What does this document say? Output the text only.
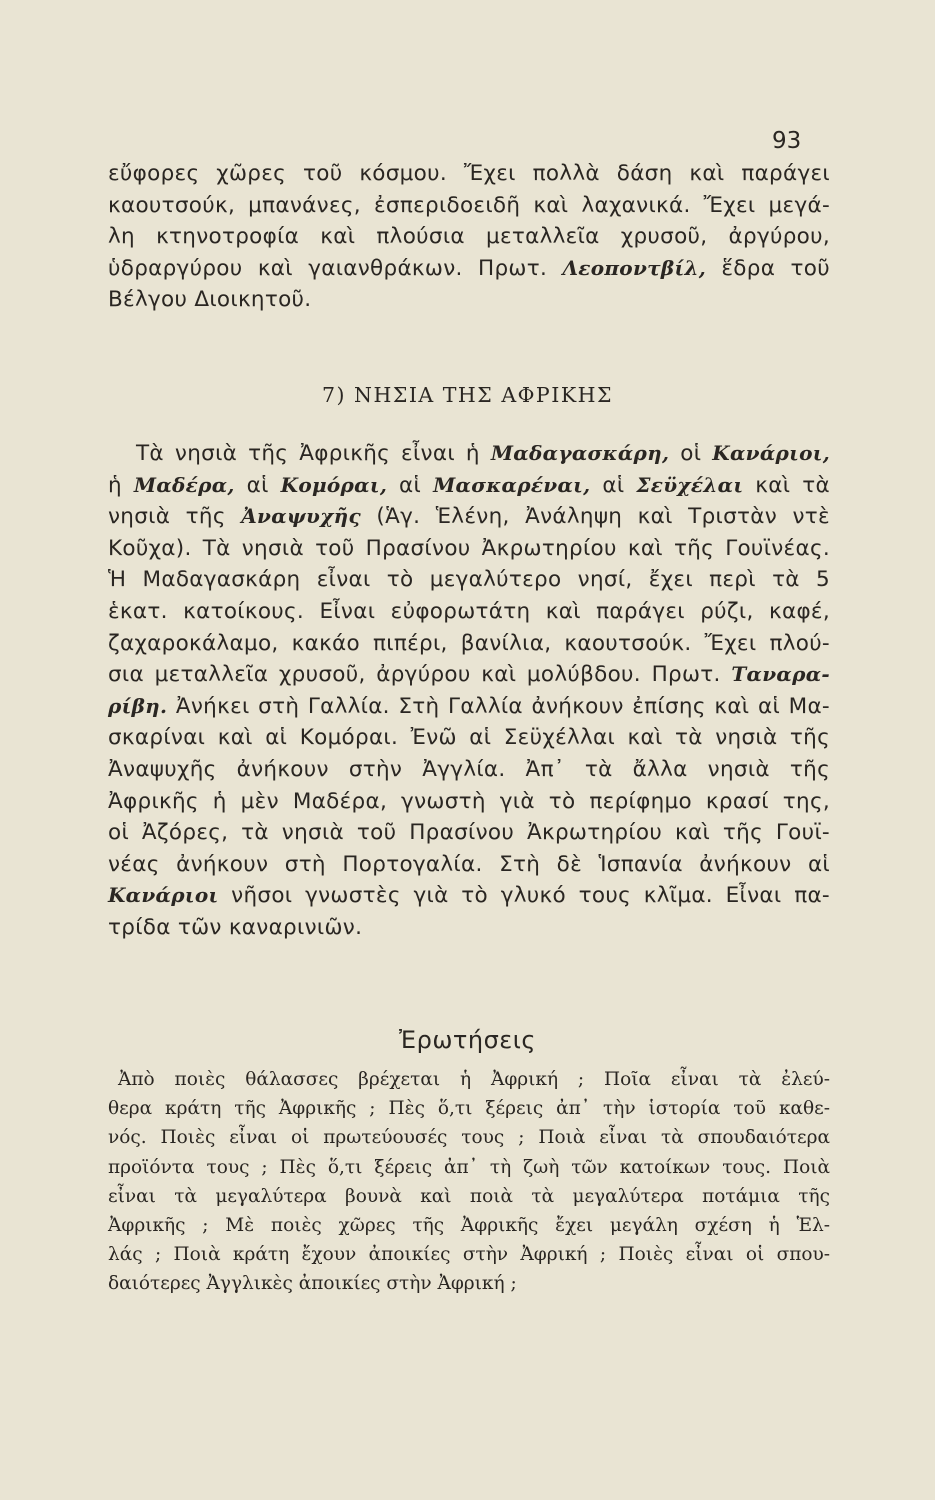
93
εὔφορες χῶρες τοῦ κόσμου. Ἔχει πολλὰ δάση καὶ παράγει
καουτσούκ, μπανάνες, ἐσπεριδοειδῆ καὶ λαχανικά. Ἔχει μεγά-
λη κτηνοτροφία καὶ πλούσια μεταλλεῖα χρυσοῦ, ἀργύρου,
ὑδραργύρου καὶ γαιανθράκων. Πρωτ. Λεοποντβίλ, ἕδρα τοῦ
Βέλγου Διοικητοῦ.
7) ΝΗΣΙΑ ΤΗΣ ΑΦΡΙΚΗΣ
Τὰ νησιὰ τῆς Ἀφρικῆς εἶναι ἡ Μαδαγασκάρη, οἱ Κανάριοι,
ἡ Μαδέρα, αἱ Κομόραι, αἱ Μασκαρέναι, αἱ Σεϋχέλαι καὶ τὰ
νησιὰ τῆς Ἀναψυχῆς (Ἁγ. Ἑλένη, Ἀνάληψη καὶ Τριστὰν ντὲ
Κοῦχα). Τὰ νησιὰ τοῦ Πρασίνου Ἀκρωτηρίου καὶ τῆς Γουϊνέας.
Ἡ Μαδαγασκάρη εἶναι τὸ μεγαλύτερο νησί, ἔχει περὶ τὰ 5
ἑκατ. κατοίκους. Εἶναι εὐφορωτάτη καὶ παράγει ρύζι, καφέ,
ζαχαροκάλαμο, κακάο πιπέρι, βανίλια, καουτσούκ. Ἔχει πλού-
σια μεταλλεῖα χρυσοῦ, ἀργύρου καὶ μολύβδου. Πρωτ. Ταναρα-
ρίβη. Ἀνήκει στὴ Γαλλία. Στὴ Γαλλία ἀνήκουν ἐπίσης καὶ αἱ Μα-
σκαρίναι καὶ αἱ Κομόραι. Ἐνῶ αἱ Σεϋχέλλαι καὶ τὰ νησιὰ τῆς
Ἀναψυχῆς ἀνήκουν στὴν Ἀγγλία. Ἀπ᾽ τὰ ἄλλα νησιὰ τῆς
Ἀφρικῆς ἡ μὲν Μαδέρα, γνωστὴ γιὰ τὸ περίφημο κρασί της,
οἱ Ἀζόρες, τὰ νησιὰ τοῦ Πρασίνου Ἀκρωτηρίου καὶ τῆς Γουϊ-
νέας ἀνήκουν στὴ Πορτογαλία. Στὴ δὲ Ἱσπανία ἀνήκουν αἱ
Κανάριοι νῆσοι γνωστὲς γιὰ τὸ γλυκό τους κλῖμα. Εἶναι πα-
τρίδα τῶν καναρινιῶν.
Ἐρωτήσεις
Ἀπὸ ποιὲς θάλασσες βρέχεται ἡ Ἀφρική ; Ποῖα εἶναι τὰ ἐλεύ-
θερα κράτη τῆς Ἀφρικῆς ; Πὲς ὅ,τι ξέρεις ἀπ᾽ τὴν ἱστορία τοῦ καθε-
νός. Ποιὲς εἶναι οἱ πρωτεύουσές τους ; Ποιὰ εἶναι τὰ σπουδαιότερα
προϊόντα τους ; Πὲς ὅ,τι ξέρεις ἀπ᾽ τὴ ζωὴ τῶν κατοίκων τους. Ποιὰ
εἶναι τὰ μεγαλύτερα βουνὰ καὶ ποιὰ τὰ μεγαλύτερα ποτάμια τῆς
Ἀφρικῆς ; Μὲ ποιὲς χῶρες τῆς Ἀφρικῆς ἔχει μεγάλη σχέση ἡ Ἑλ-
λάς ; Ποιὰ κράτη ἔχουν ἀποικίες στὴν Ἀφρική ; Ποιὲς εἶναι οἱ σπου-
δαιότερες Ἀγγλικὲς ἀποικίες στὴν Ἀφρική ;
